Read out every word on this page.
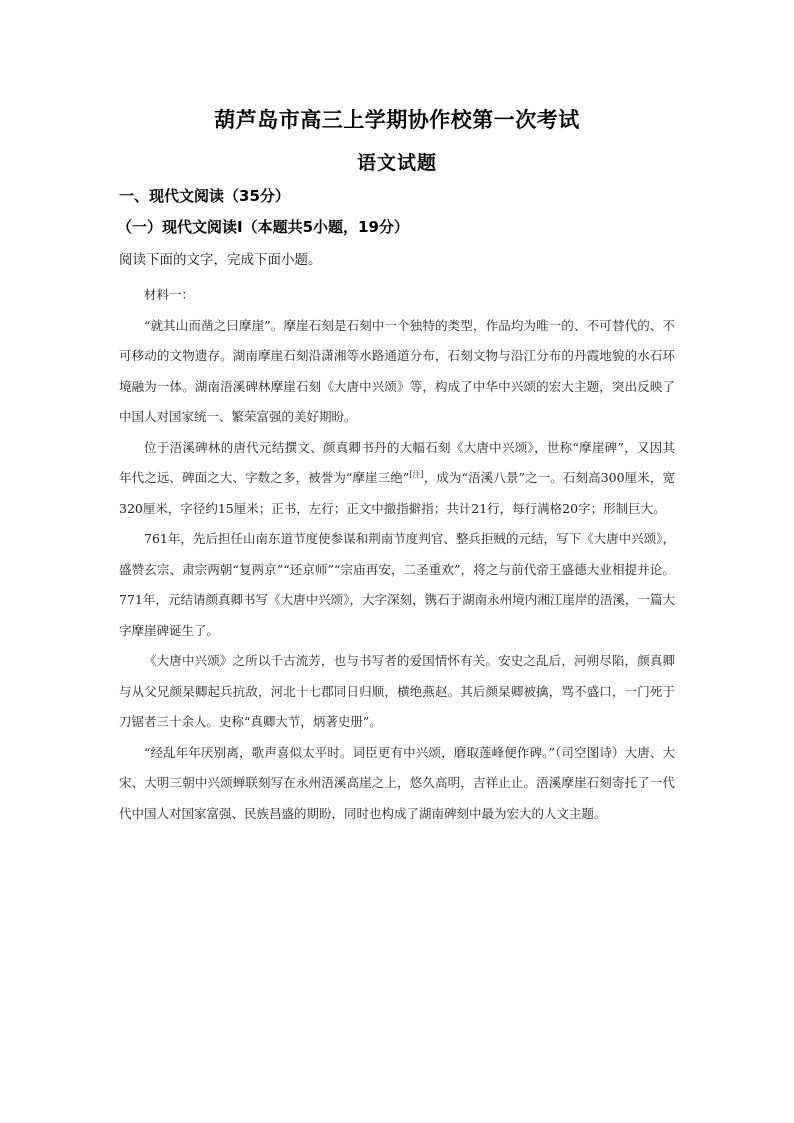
葫芦岛市高三上学期协作校第一次考试
语文试题
一、现代文阅读（35分）
（一）现代文阅读Ⅰ（本题共5小题，19分）
阅读下面的文字，完成下面小题。

材料一：

“就其山而凿之曰摩崖”。摩崖石刻是石刻中一个独特的类型，作品均为唯一的、不可替代的、不可移动的文物遗存。湖南摩崖石刻沿潇湘等水路通道分布，石刻文物与沿江分布的丹霞地貌的水石环境融为一体。湖南浯溪碑林摩崖石刻《大唐中兴颂》等，构成了中华中兴颂的宏大主题，突出反映了中国人对国家统一、繁荣富强的美好期盼。

位于浯溪碑林的唐代元结撰文、颜真卿书丹的大幅石刻《大唐中兴颂》，世称“摩崖碑”，又因其年代之远、碑面之大、字数之多，被誉为“摩崖三绝”[注]，成为“浯溪八景”之一。石刻高300厘米，宽320厘米，字径约15厘米；正书，左行；正文中撤指擗指；共计21行，每行满格20字；形制巨大。

761年，先后担任山南东道节度使参谋和荆南节度判官、整兵拒贼的元结，写下《大唐中兴颂》，盛赞玄宗、肃宗两朝“复两京”“还京师”“宗庙再安，二圣重欢”，将之与前代帝王盛德大业相提并论。771年，元结请颜真卿书写《大唐中兴颂》，大字深刻，镌石于湖南永州境内湘江崖岸的浯溪，一篇大字摩崖碑诞生了。

《大唐中兴颂》之所以千古流芳，也与书写者的爱国情怀有关。安史之乱后，河朔尽陷，颜真卿与从父兄颜杲卿起兵抗敌，河北十七郡同日归顺，横绝燕赵。其后颜杲卿被擒，骂不盛口，一门死于刀锯者三十余人。史称“真卿大节，炳著史册”。

“经乱年年厌别离，歌声喜似太平时。词臣更有中兴颂，磨取莲峰便作碑。”（司空图诗）大唐、大宋、大明三朝中兴颂蝉联刻写在永州浯溪高崖之上，悠久高明，吉祥止止。浯溪摩崖石刻寄托了一代代中国人对国家富强、民族昌盛的期盼，同时也构成了湖南碑刻中最为宏大的人文主题。
